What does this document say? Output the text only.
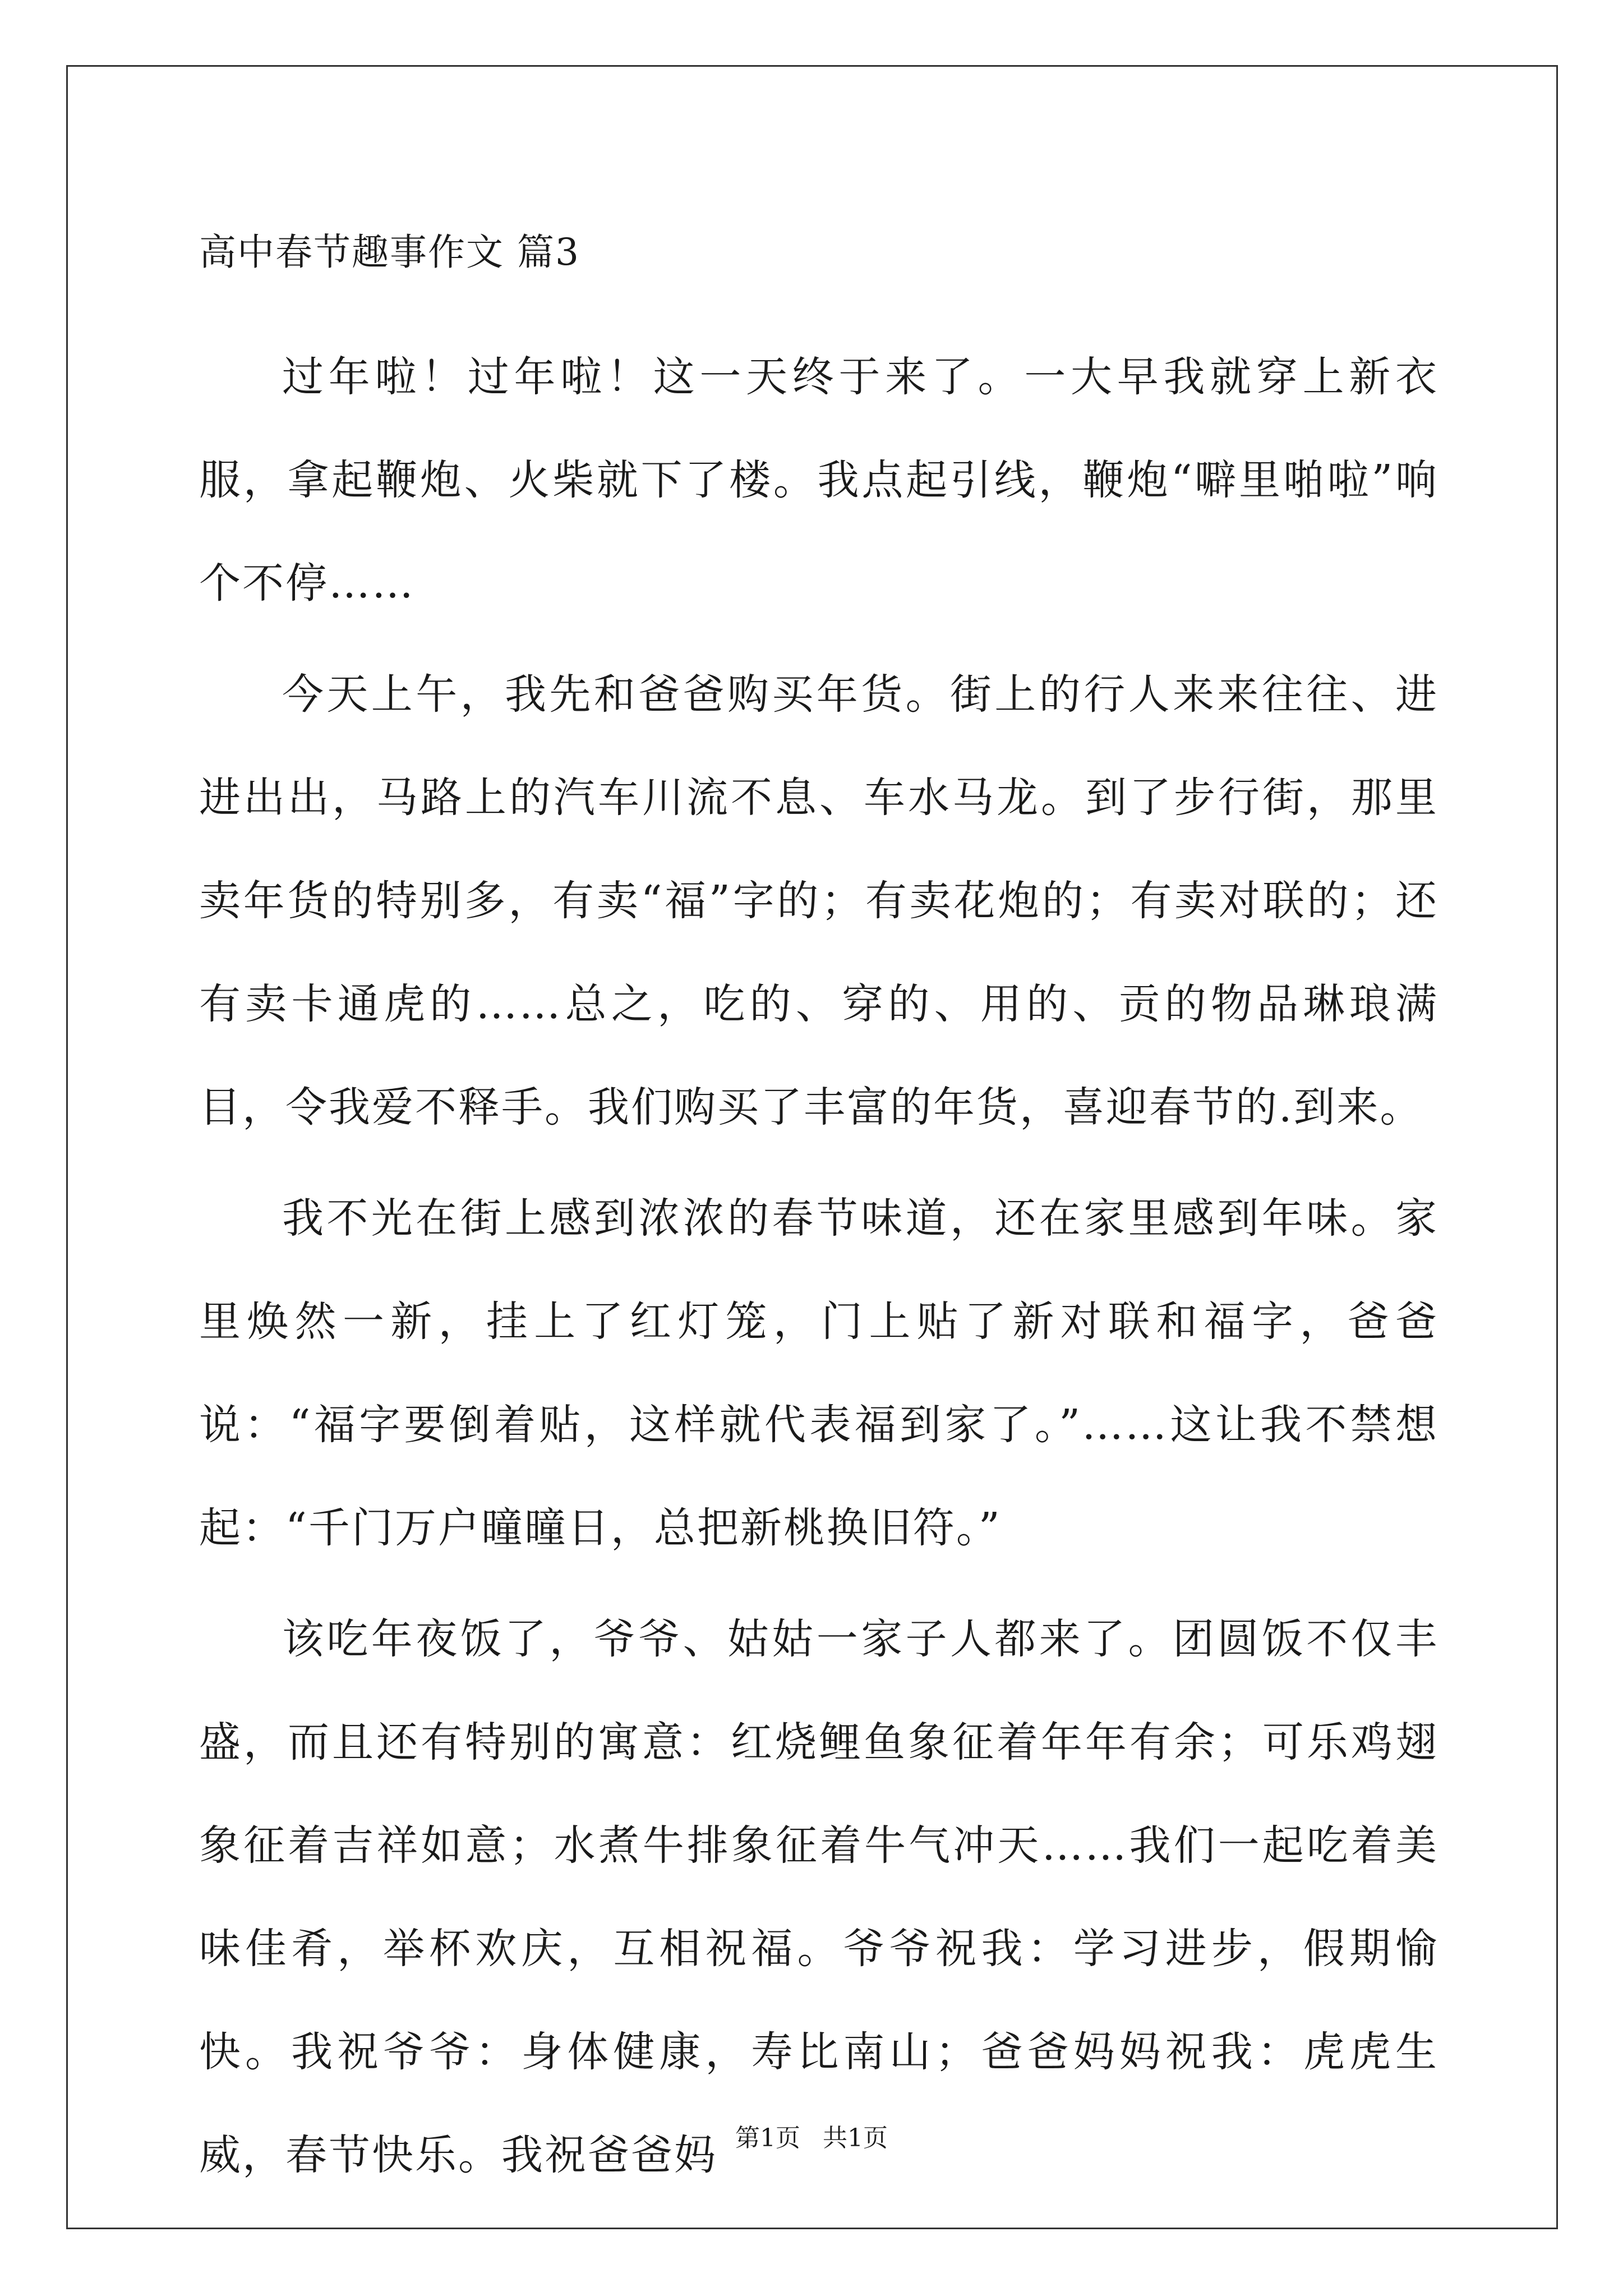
高中春节趣事作文 篇3

过年啦！过年啦！这一天终于来了。一大早我就穿上新衣服，拿起鞭炮、火柴就下了楼。我点起引线，鞭炮“噼里啪啦”响个不停……

今天上午，我先和爸爸购买年货。街上的行人来来往往、进进出出，马路上的汽车川流不息、车水马龙。到了步行街，那里卖年货的特别多，有卖“福”字的；有卖花炮的；有卖对联的；还有卖卡通虎的……总之，吃的、穿的、用的、贡的物品琳琅满目，令我爱不释手。我们购买了丰富的年货，喜迎春节的.到来。

我不光在街上感到浓浓的春节味道，还在家里感到年味。家里焕然一新，挂上了红灯笼，门上贴了新对联和福字，爸爸说：“福字要倒着贴，这样就代表福到家了。”……这让我不禁想起：“千门万户曈曈日，总把新桃换旧符。”

该吃年夜饭了，爷爷、姑姑一家子人都来了。团圆饭不仅丰盛，而且还有特别的寓意：红烧鲤鱼象征着年年有余；可乐鸡翅象征着吉祥如意；水煮牛排象征着牛气冲天……我们一起吃着美味佳肴，举杯欢庆，互相祝福。爷爷祝我：学习进步，假期愉快。我祝爷爷：身体健康，寿比南山；爸爸妈妈祝我：虎虎生威，春节快乐。我祝爸爸妈 第1页 共1页
